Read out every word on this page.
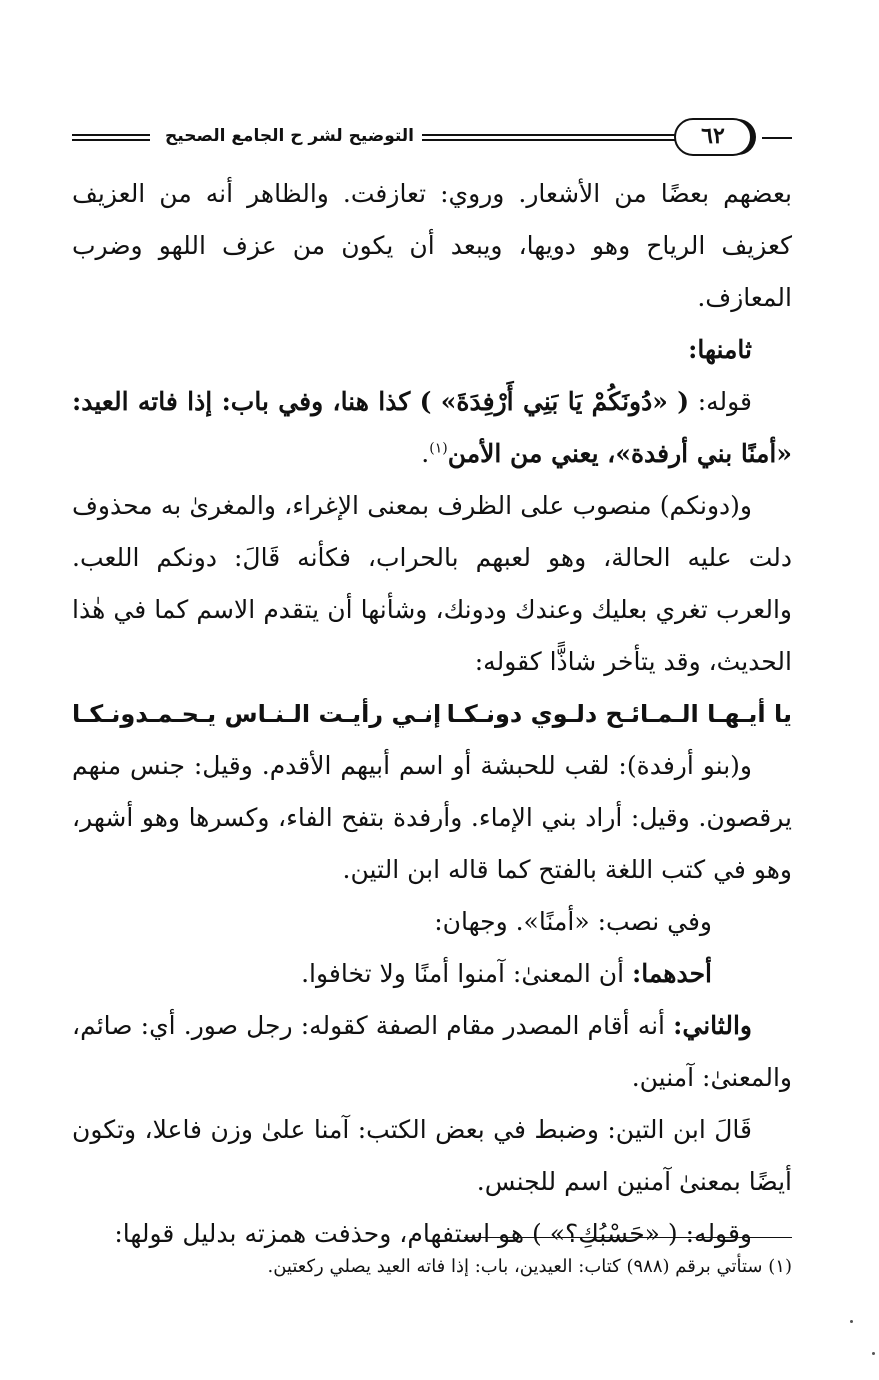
التوضيح لشر ح الجامع الصحيح	٦٢

بعضهم بعضًا من الأشعار. وروي: تعازفت. والظاهر أنه من العزيف كعزيف الرياح وهو دويها، ويبعد أن يكون من عزف اللهو وضرب المعازف.

ثامنها:

قوله: ( «دُونَكُمْ يَا بَنِي أَرْفِدَةَ» ) كذا هنا، وفي باب: إذا فاته العيد: «أمنًا بني أرفدة»، يعني من الأمن$^{(١)}$.

و(دونكم) منصوب على الظرف بمعنى الإغراء، والمغرىٰ به محذوف دلت عليه الحالة، وهو لعبهم بالحراب، فكأنه قَالَ: دونكم اللعب. والعرب تغري بعليك وعندك ودونك، وشأنها أن يتقدم الاسم كما في هٰذا الحديث، وقد يتأخر شاذًّا كقوله:

يا أيـهـا الـمـائـح دلـوي دونـكـا
إنـي رأيـت الـنـاس يـحـمـدونـكـا

و(بنو أرفدة): لقب للحبشة أو اسم أبيهم الأقدم. وقيل: جنس منهم يرقصون. وقيل: أراد بني الإماء. وأرفدة بتفح الفاء، وكسرها وهو أشهر، وهو في كتب اللغة بالفتح كما قاله ابن التين.

وفي نصب: «أمنًا». وجهان:

أحدهما: أن المعنىٰ: آمنوا أمنًا ولا تخافوا.

والثاني: أنه أقام المصدر مقام الصفة كقوله: رجل صور. أي: صائم، والمعنىٰ: آمنين.

قَالَ ابن التين: وضبط في بعض الكتب: آمنا علىٰ وزن فاعلا، وتكون أيضًا بمعنىٰ آمنين اسم للجنس.

وقوله: ( «حَسْبُكِ؟» ) هو استفهام، وحذفت همزته بدليل قولها:

(١) ستأتي برقم (٩٨٨) كتاب: العيدين، باب: إذا فاته العيد يصلي ركعتين.
